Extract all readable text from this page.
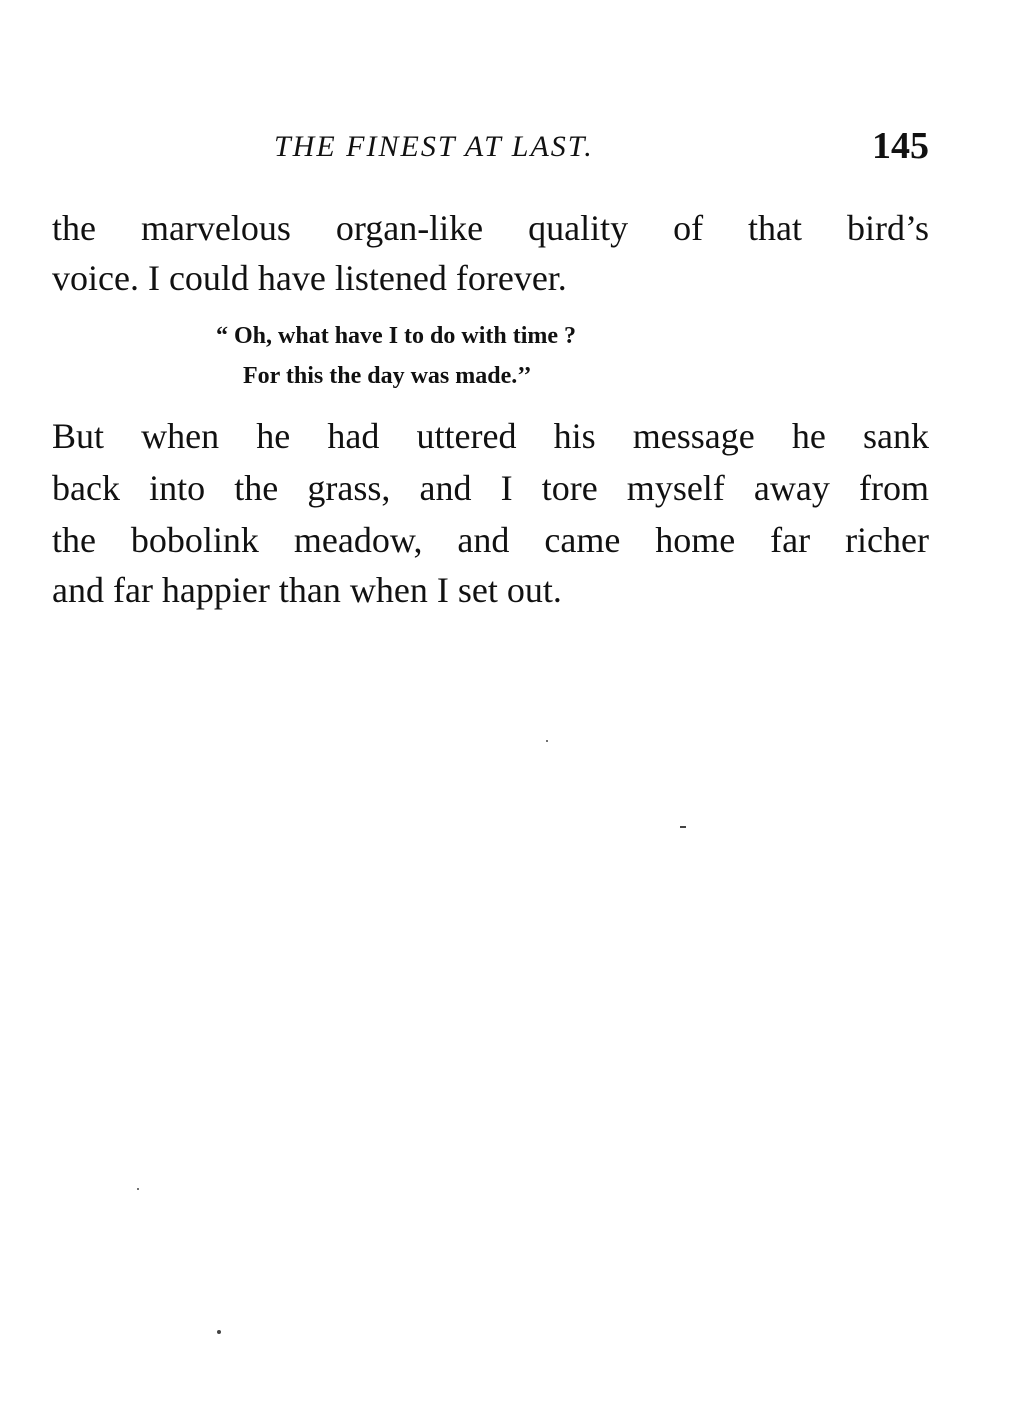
THE FINEST AT LAST.	145
the marvelous organ-like quality of that bird’s
voice. I could have listened forever.
“ Oh, what have I to do with time ?
For this the day was made.’’
But when he had uttered his message he sank
back into the grass, and I tore myself away from
the bobolink meadow, and came home far richer
and far happier than when I set out.
